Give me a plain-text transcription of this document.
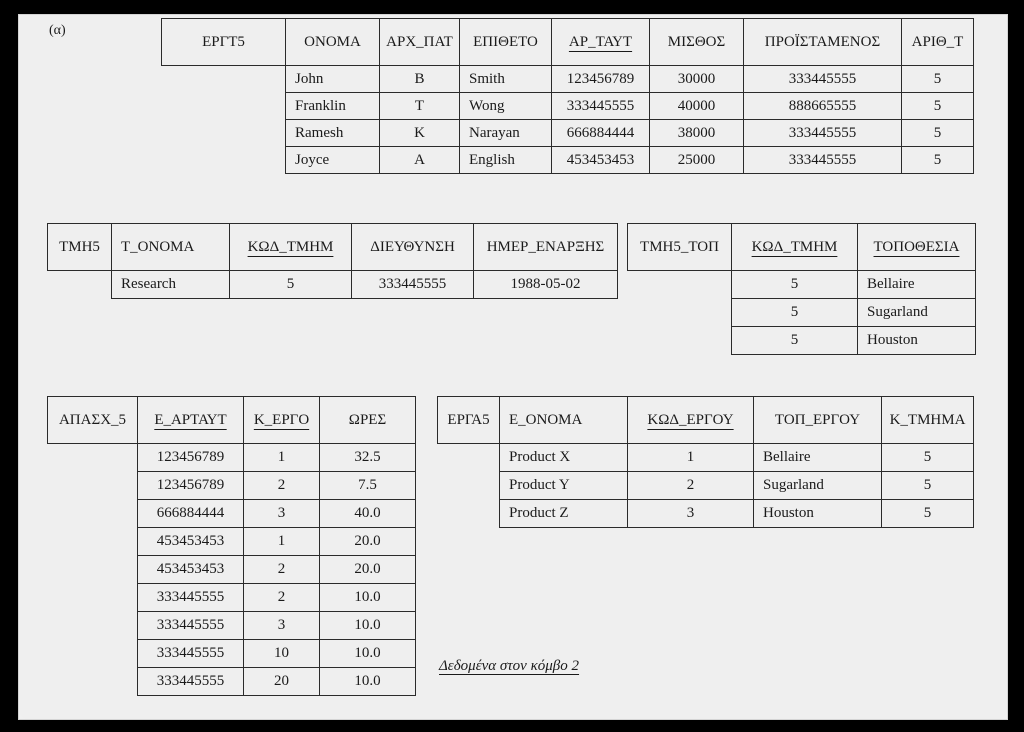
(α)
ΕΡΓΤ5	ΟΝΟΜΑ	ΑΡΧ_ΠΑΤ	ΕΠΙΘΕΤΟ	ΑΡ_ΤΑΥΤ	ΜΙΣΘΟΣ	ΠΡΟΪΣΤΑΜΕΝΟΣ	ΑΡΙΘ_Τ
	John	B	Smith	123456789	30000	333445555	5
	Franklin	T	Wong	333445555	40000	888665555	5
	Ramesh	K	Narayan	666884444	38000	333445555	5
	Joyce	A	English	453453453	25000	333445555	5
ΤΜΗ5	Τ_ΟΝΟΜΑ	ΚΩΔ_ΤΜΗΜ	ΔΙΕΥΘΥΝΣΗ	ΗΜΕΡ_ΕΝΑΡΞΗΣ
	Research	5	333445555	1988-05-02
ΤΜΗ5_ΤΟΠ	ΚΩΔ_ΤΜΗΜ	ΤΟΠΟΘΕΣΙΑ
	5	Bellaire
	5	Sugarland
	5	Houston
ΑΠΑΣΧ_5	Ε_ΑΡΤΑΥΤ	Κ_ΕΡΓΟ	ΩΡΕΣ
	123456789	1	32.5
	123456789	2	7.5
	666884444	3	40.0
	453453453	1	20.0
	453453453	2	20.0
	333445555	2	10.0
	333445555	3	10.0
	333445555	10	10.0
	333445555	20	10.0
ΕΡΓΑ5	Ε_ΟΝΟΜΑ	ΚΩΔ_ΕΡΓΟΥ	ΤΟΠ_ΕΡΓΟΥ	Κ_ΤΜΗΜΑ
	Product X	1	Bellaire	5
	Product Y	2	Sugarland	5
	Product Z	3	Houston	5
Δεδομένα στον κόμβο 2
